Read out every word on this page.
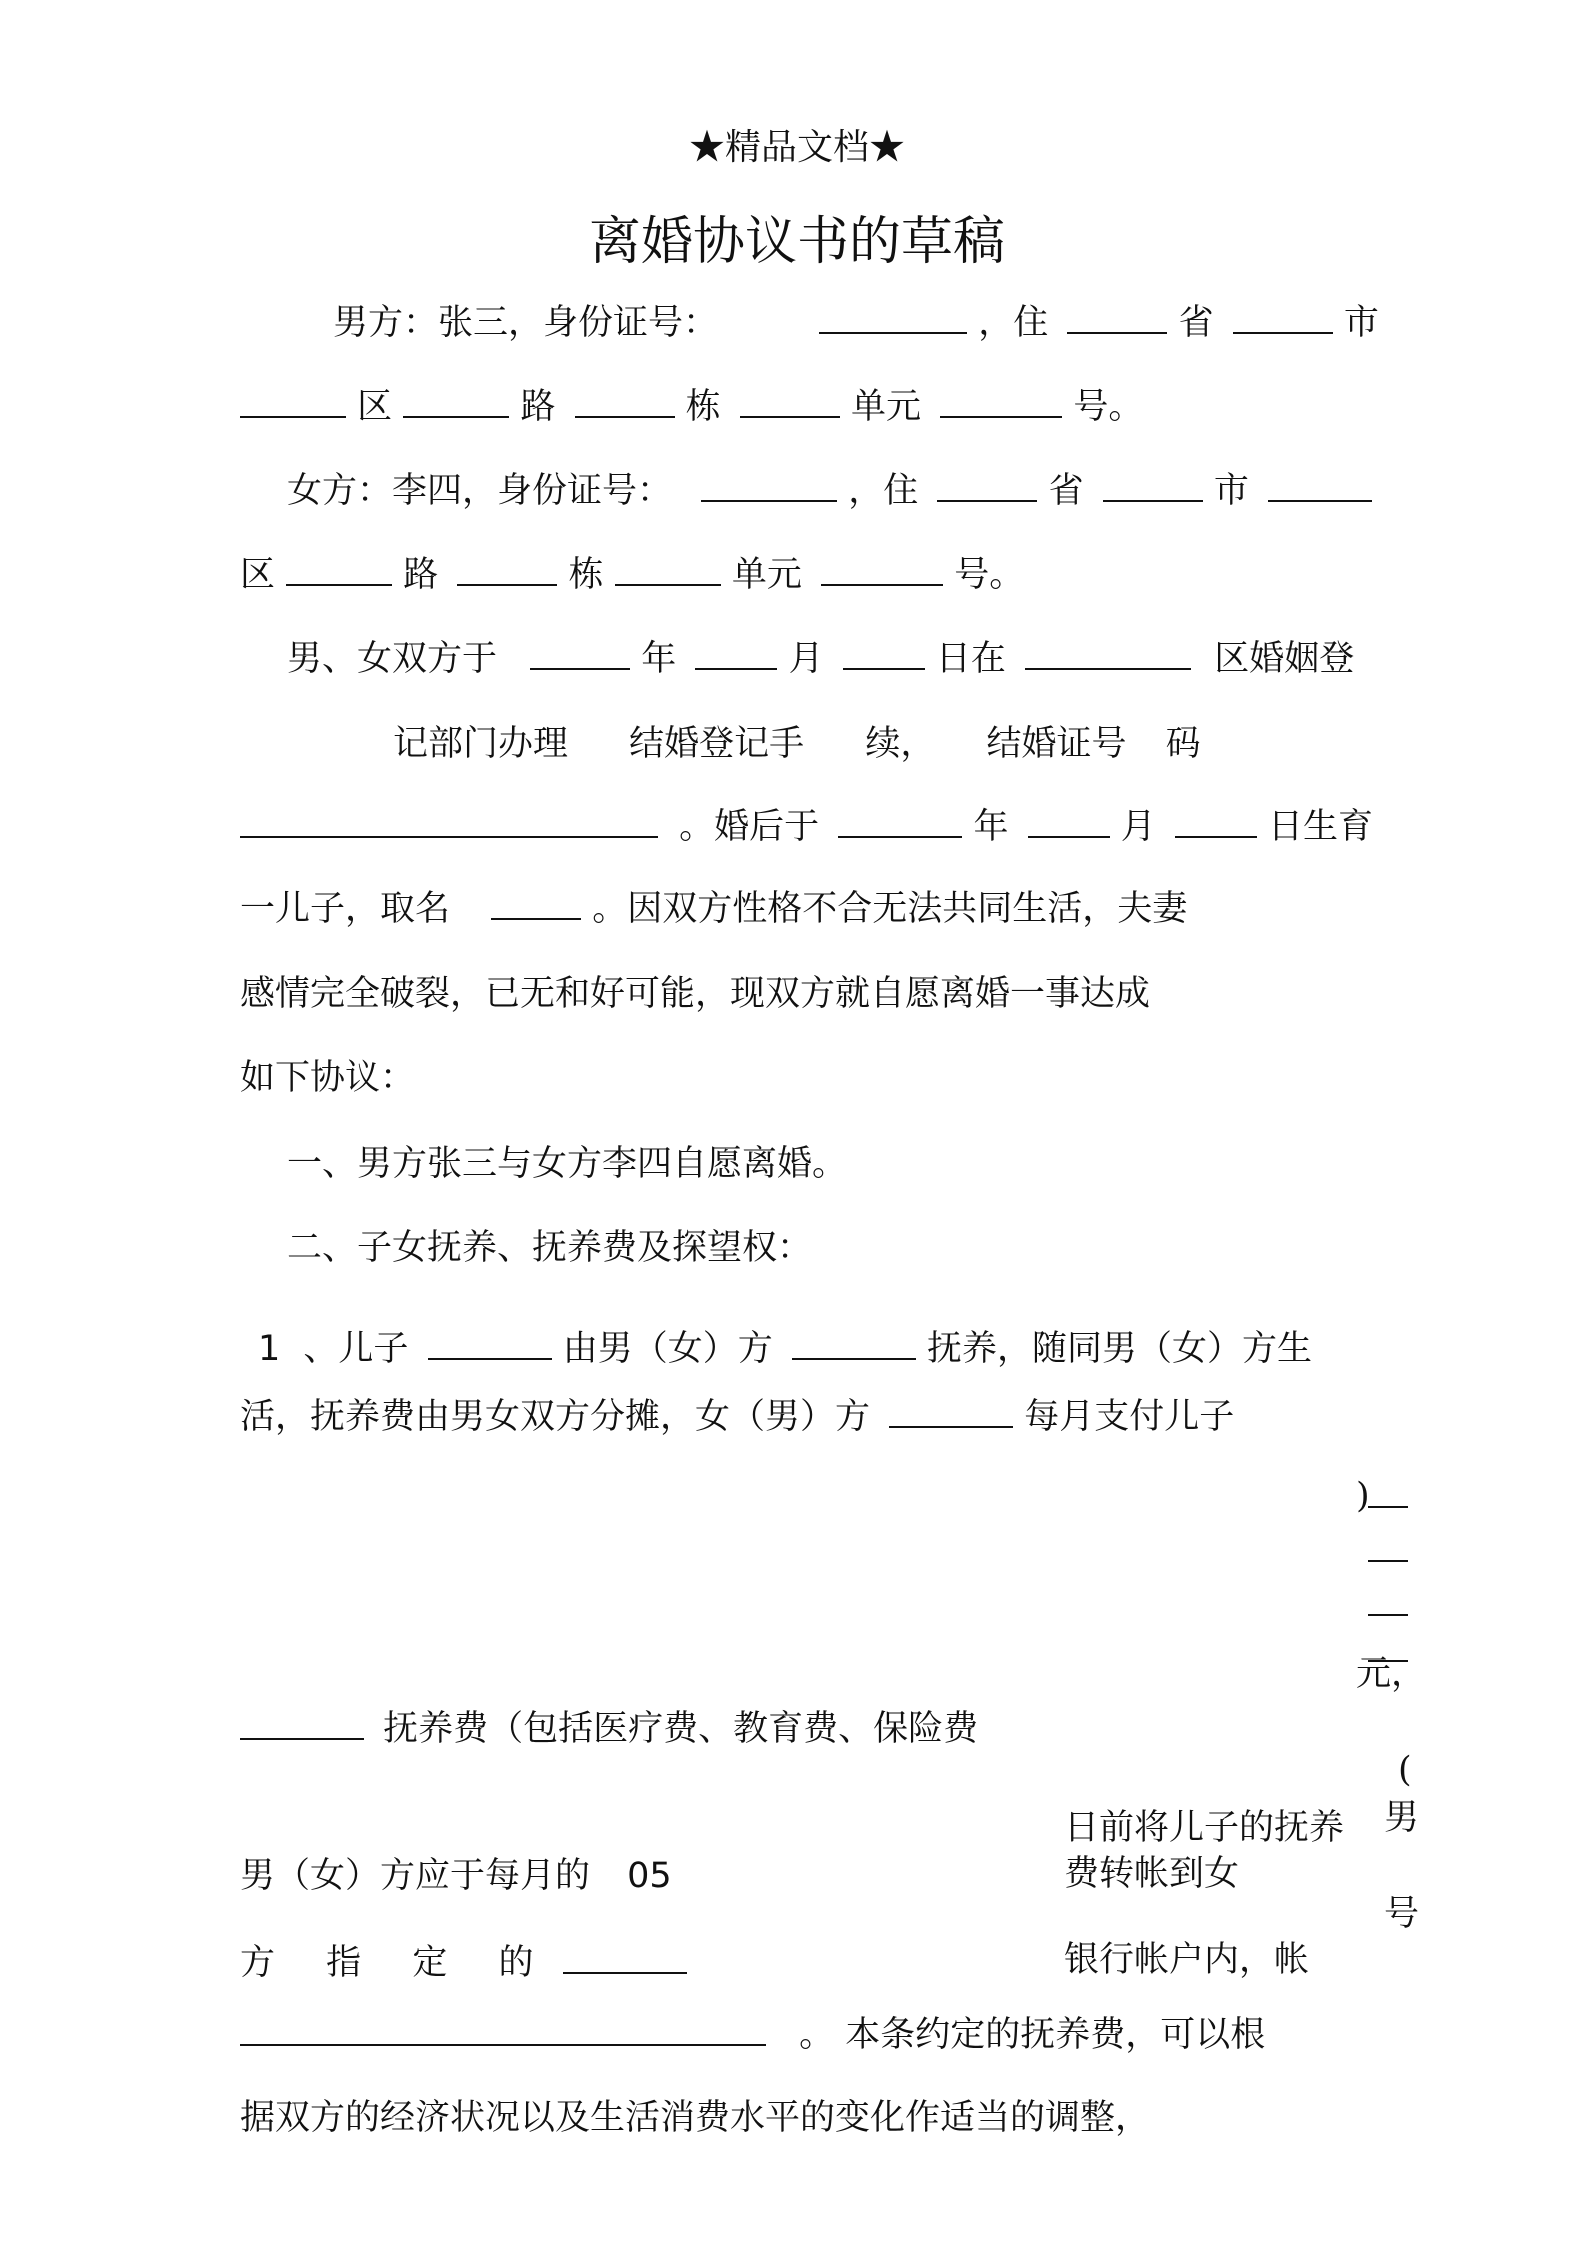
★精品文档★
离婚协议书的草稿
男方：张三，身份证号：	，住	省	市
区	路	栋	单元	号。
女方：李四，身份证号：	，住	省	市
区	路	栋	单元	号。
男、女双方于	年	月	日在	区婚姻登
记部门办理 结婚登记手 续， 结婚证号 码
。婚后于	年	月	日生育
一儿子，取名	。因双方性格不合无法共同生活，夫妻
感情完全破裂，已无和好可能，现双方就自愿离婚一事达成
如下协议：
一、男方张三与女方李四自愿离婚。
二、子女抚养、抚养费及探望权：
1 、儿子	由男（女）方	抚养，随同男（女）方生
活，抚养费由男女双方分摊，女（男）方	每月支付儿子
)
元，
抚养费（包括医疗费、教育费、保险费
(
男
号
日前将儿子的抚养
费转帐到女
男（女）方应于每月的 05
方 指 定 的	银行帐户内，帐
。 本条约定的抚养费，可以根
据双方的经济状况以及生活消费水平的变化作适当的调整，
